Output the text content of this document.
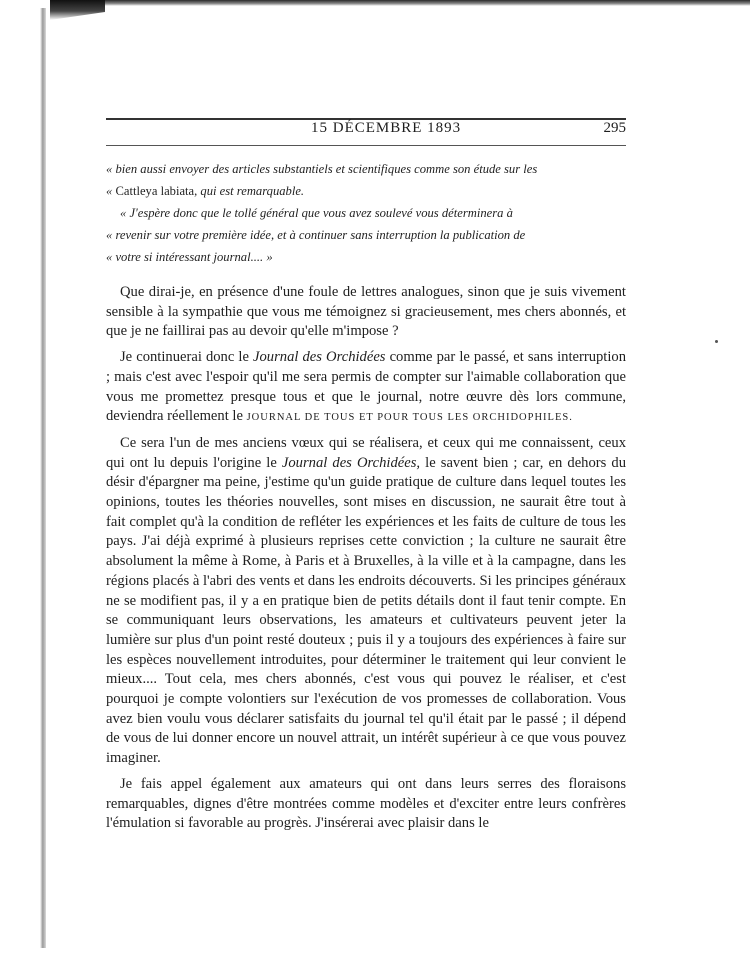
15 DÉCEMBRE 1893	295
« bien aussi envoyer des articles substantiels et scientifiques comme son étude sur les
« Cattleya labiata, qui est remarquable.
« J'espère donc que le tollé général que vous avez soulevé vous déterminera à
« revenir sur votre première idée, et à continuer sans interruption la publication de
« votre si intéressant journal.... »

Que dirai-je, en présence d'une foule de lettres analogues, sinon que je suis vivement sensible à la sympathie que vous me témoignez si gracieusement, mes chers abonnés, et que je ne faillirai pas au devoir qu'elle m'impose ?

Je continuerai donc le Journal des Orchidées comme par le passé, et sans interruption ; mais c'est avec l'espoir qu'il me sera permis de compter sur l'aimable collaboration que vous me promettez presque tous et que le journal, notre œuvre dès lors commune, deviendra réellement le JOURNAL DE TOUS ET POUR TOUS LES ORCHIDOPHILES.

Ce sera l'un de mes anciens vœux qui se réalisera, et ceux qui me connaissent, ceux qui ont lu depuis l'origine le Journal des Orchidées, le savent bien ; car, en dehors du désir d'épargner ma peine, j'estime qu'un guide pratique de culture dans lequel toutes les opinions, toutes les théories nouvelles, sont mises en discussion, ne saurait être tout à fait complet qu'à la condition de refléter les expériences et les faits de culture de tous les pays. J'ai déjà exprimé à plusieurs reprises cette conviction ; la culture ne saurait être absolument la même à Rome, à Paris et à Bruxelles, à la ville et à la campagne, dans les régions placés à l'abri des vents et dans les endroits découverts. Si les principes généraux ne se modifient pas, il y a en pratique bien de petits détails dont il faut tenir compte. En se communiquant leurs observations, les amateurs et cultivateurs peuvent jeter la lumière sur plus d'un point resté douteux ; puis il y a toujours des expériences à faire sur les espèces nouvellement introduites, pour déterminer le traitement qui leur convient le mieux.... Tout cela, mes chers abonnés, c'est vous qui pouvez le réaliser, et c'est pourquoi je compte volontiers sur l'exécution de vos promesses de collaboration. Vous avez bien voulu vous déclarer satisfaits du journal tel qu'il était par le passé ; il dépend de vous de lui donner encore un nouvel attrait, un intérêt supérieur à ce que vous pouvez imaginer.

Je fais appel également aux amateurs qui ont dans leurs serres des floraisons remarquables, dignes d'être montrées comme modèles et d'exciter entre leurs confrères l'émulation si favorable au progrès. J'insérerai avec plaisir dans le
